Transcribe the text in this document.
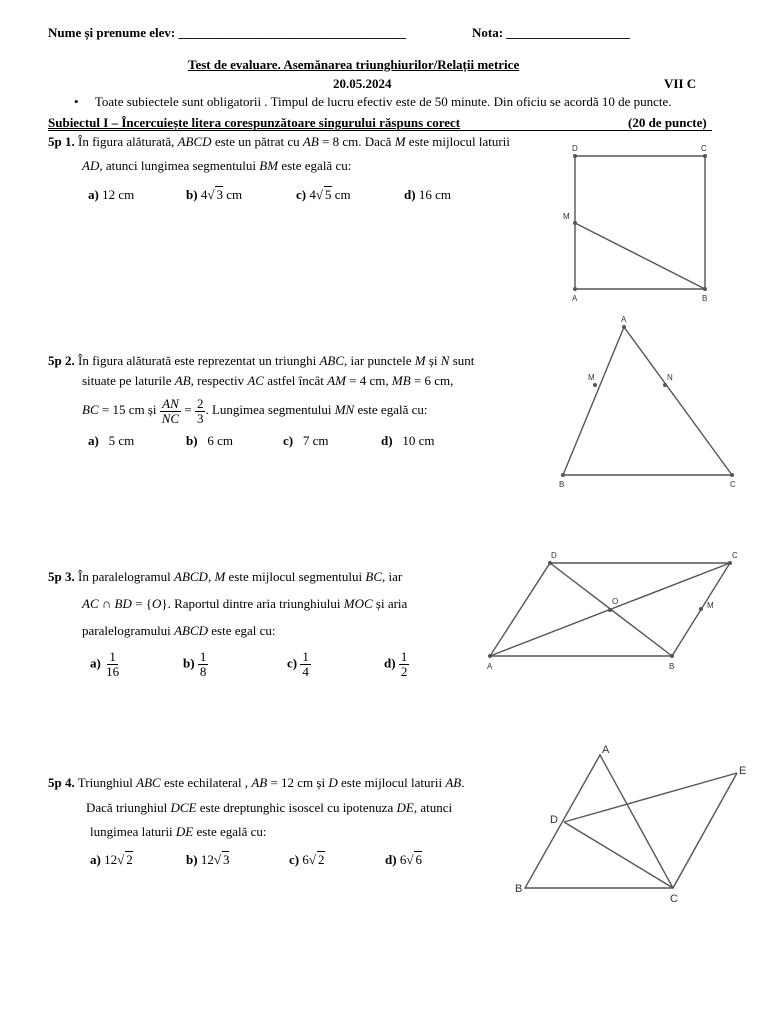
Nume și prenume elev: ___________________________________	Nota: ___________________
Test de evaluare. Asemănarea triunghiurilor/Relații metrice
20.05.2024	VII C
•     Toate subiectele sunt obligatorii . Timpul de lucru efectiv este de 50 minute. Din oficiu se acordă 10 de puncte.
Subiectul I – Încercuiește litera corespunzătoare singurului răspuns corect	(20 de puncte)
5p 1. În figura alăturată, ABCD este un pătrat cu AB = 8 cm. Dacă M este mijlocul laturii
AD, atunci lungimea segmentului BM este egală cu:
a) 12 cm	b) 4√ 3 cm	c) 4√ 5 cm	d) 16 cm
D	C
M
A	B
5p 2. În figura alăturată este reprezentat un triunghi ABC, iar punctele M și N sunt
situate pe laturile AB, respectiv AC astfel încât AM = 4 cm, MB = 6 cm,
BC = 15 cm și $\frac{AN}{NC} = \frac{2}{3}$ . Lungimea segmentului MN este egală cu:
a) 5 cm	b) 6 cm	c) 7 cm	d) 10 cm
A
M	N
B	C
5p 3. În paralelogramul ABCD, M este mijlocul segmentului BC, iar
AC ∩ BD = {O}. Raportul dintre aria triunghiului MOC și aria
paralelogramului ABCD este egal cu:
$a) \frac{1}{16}$	$b) \frac{1}{8}$	$c) \frac{1}{4}$	$d) \frac{1}{2}$
D	C
O	M
A	B
5p 4. Triunghiul ABC este echilateral , AB = 12 cm și D este mijlocul laturii AB.
Dacă triunghiul DCE este dreptunghic isoscel cu ipotenuza DE, atunci
lungimea laturii DE este egală cu:
a) 12√ 2	b) 12√ 3	c) 6√ 2	d) 6√ 6
A
E
D
B
C
